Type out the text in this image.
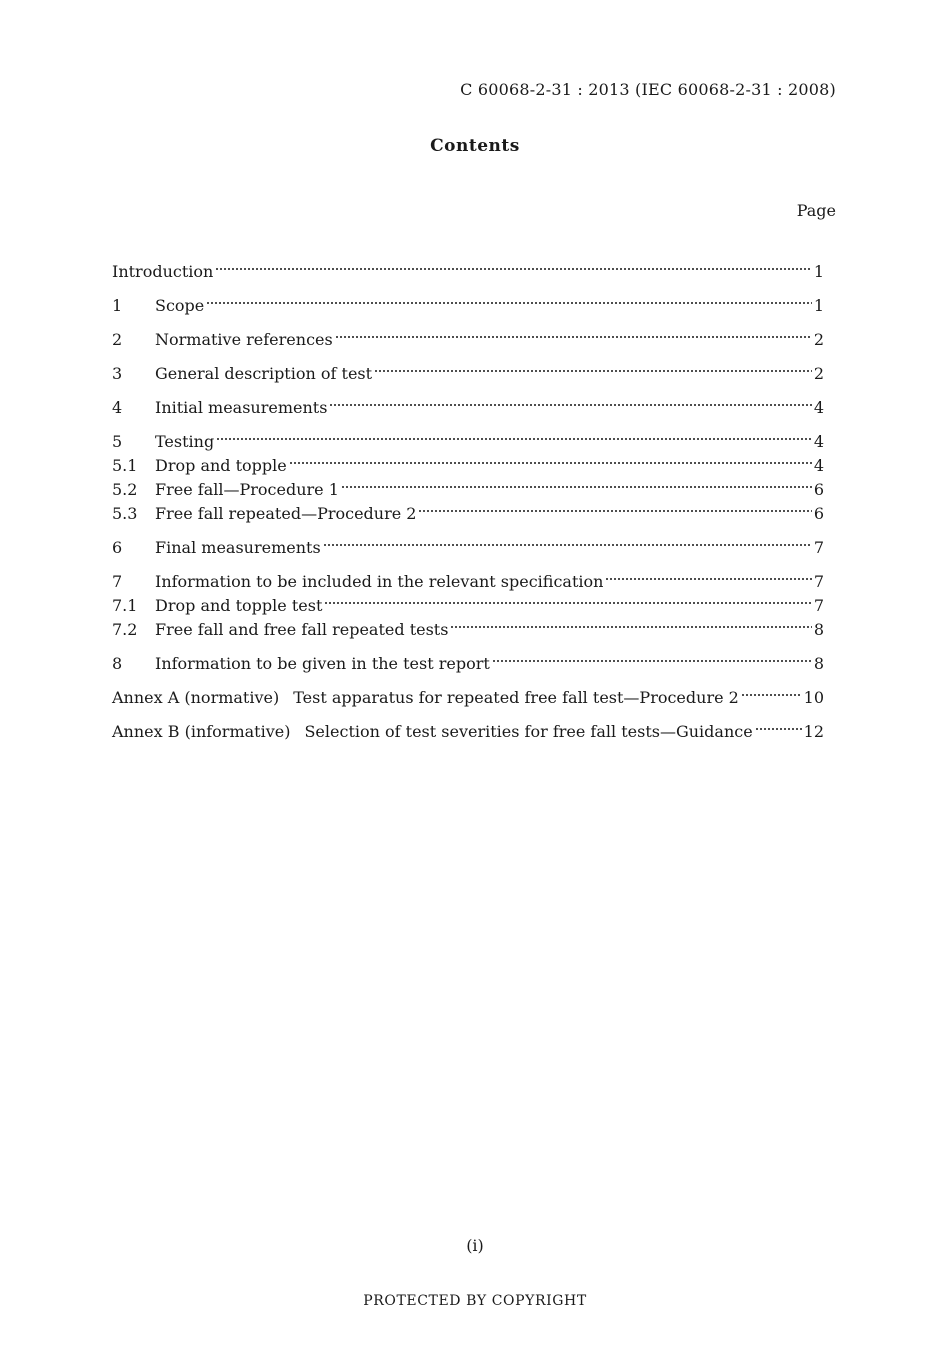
C 60068-2-31 : 2013 (IEC 60068-2-31 : 2008)
Contents
Page
Introduction	1
1	Scope	1
2	Normative references	2
3	General description of test	2
4	Initial measurements	4
5	Testing	4
5.1	Drop and topple	4
5.2	Free fall—Procedure 1	6
5.3	Free fall repeated—Procedure 2	6
6	Final measurements	7
7	Information to be included in the relevant specification	7
7.1	Drop and topple test	7
7.2	Free fall and free fall repeated tests	8
8	Information to be given in the test report	8
Annex A (normative) Test apparatus for repeated free fall test—Procedure 2	10
Annex B (informative) Selection of test severities for free fall tests—Guidance	12
(i)
PROTECTED BY COPYRIGHT
